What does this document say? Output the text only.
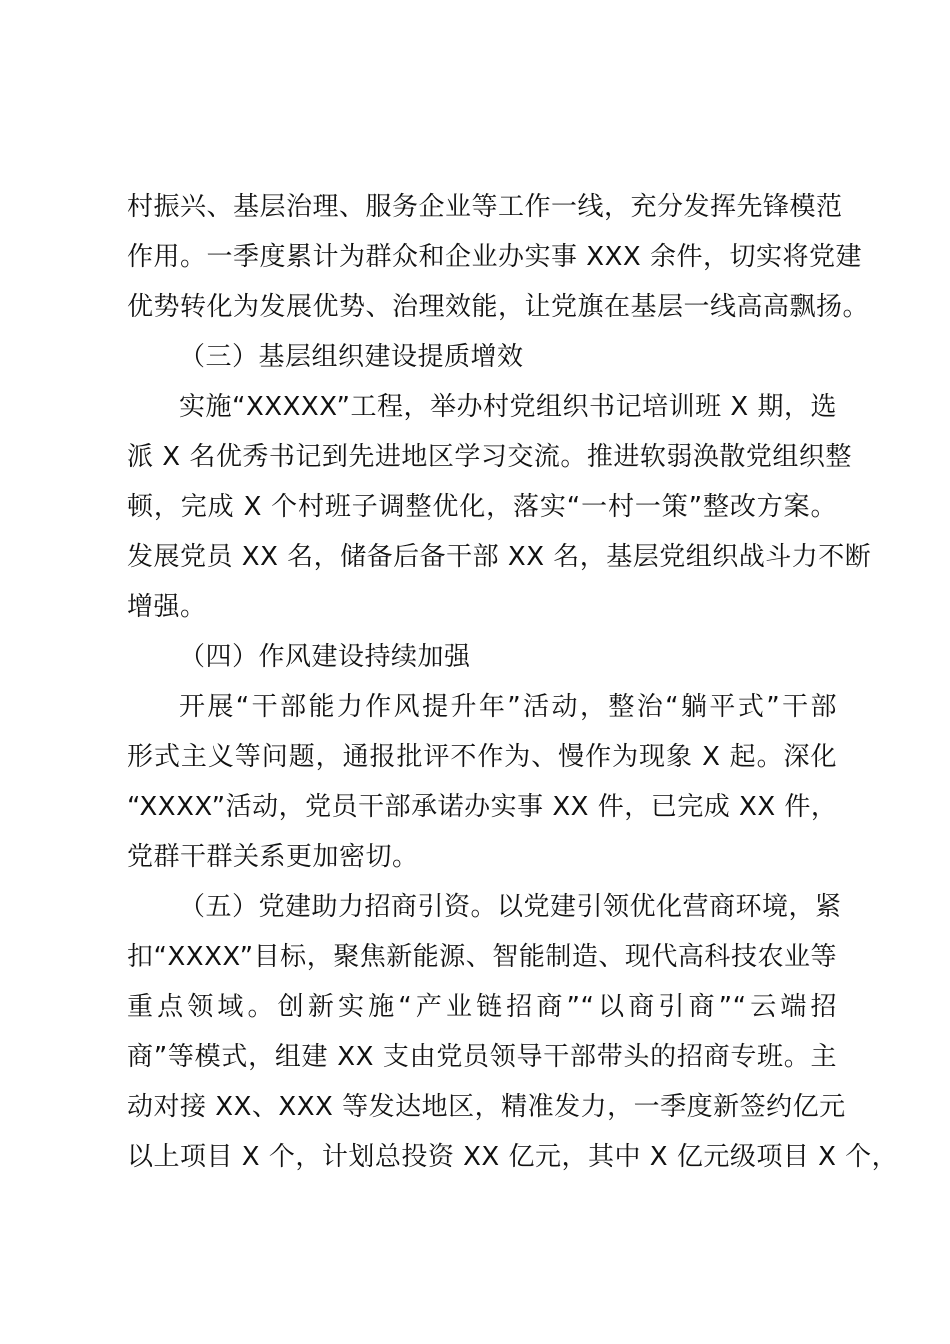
村振兴、基层治理、服务企业等工作一线，充分发挥先锋模范
作用。一季度累计为群众和企业办实事 XXX 余件，切实将党建
优势转化为发展优势、治理效能，让党旗在基层一线高高飘扬。
（三）基层组织建设提质增效
实施“XXXXX”工程，举办村党组织书记培训班 X 期，选
派 X 名优秀书记到先进地区学习交流。推进软弱涣散党组织整
顿，完成 X 个村班子调整优化，落实“一村一策”整改方案。
发展党员 XX 名，储备后备干部 XX 名，基层党组织战斗力不断
增强。
（四）作风建设持续加强
开展“干部能力作风提升年”活动，整治“躺平式”干部
形式主义等问题，通报批评不作为、慢作为现象 X 起。深化
“XXXX”活动，党员干部承诺办实事 XX 件，已完成 XX 件，
党群干群关系更加密切。
（五）党建助力招商引资。以党建引领优化营商环境，紧
扣“XXXX”目标，聚焦新能源、智能制造、现代高科技农业等
重点领域。创新实施“产业链招商”“以商引商”“云端招
商”等模式，组建 XX 支由党员领导干部带头的招商专班。主
动对接 XX、XXX 等发达地区，精准发力，一季度新签约亿元
以上项目 X 个，计划总投资 XX 亿元，其中 X 亿元级项目 X 个，
